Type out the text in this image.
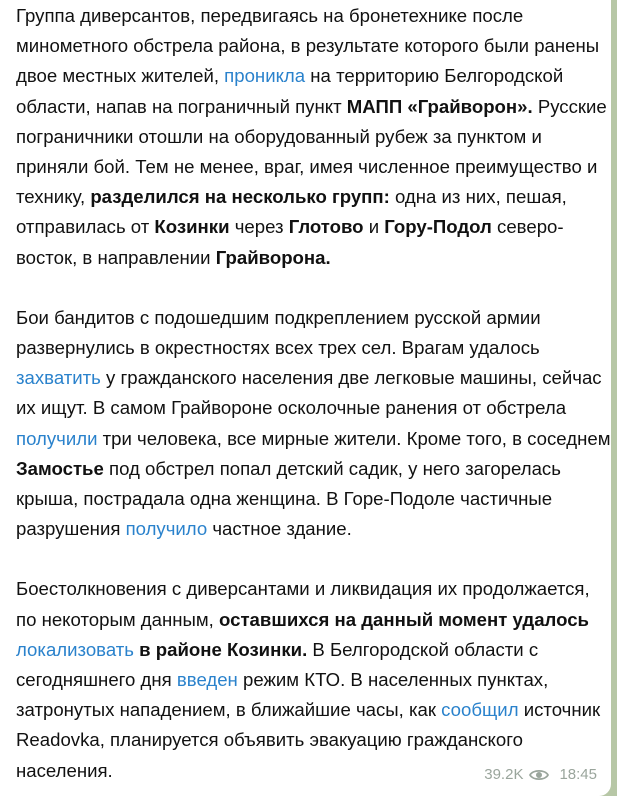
Группа диверсантов, передвигаясь на бронетехнике после минометного обстрела района, в результате которого были ранены двое местных жителей, проникла на территорию Белгородской области, напав на пограничный пункт МАПП «Грайворон». Русские пограничники отошли на оборудованный рубеж за пунктом и приняли бой. Тем не менее, враг, имея численное преимущество и технику, разделился на несколько групп: одна из них, пешая, отправилась от Козинки через Глотово и Гору-Подол северо-восток, в направлении Грайворона.

Бои бандитов с подошедшим подкреплением русской армии развернулись в окрестностях всех трех сел. Врагам удалось захватить у гражданского населения две легковые машины, сейчас их ищут. В самом Грайвороне осколочные ранения от обстрела получили три человека, все мирные жители. Кроме того, в соседнем Замостье под обстрел попал детский садик, у него загорелась крыша, пострадала одна женщина. В Горе-Подоле частичные разрушения получило частное здание.

Боестолкновения с диверсантами и ликвидация их продолжается, по некоторым данным, оставшихся на данный момент удалось локализовать в районе Козинки. В Белгородской области с сегодняшнего дня введен режим КТО. В населенных пунктах, затронутых нападением, в ближайшие часы, как сообщил источник Readovka, планируется объявить эвакуацию гражданского населения.	39.2K 18:45
